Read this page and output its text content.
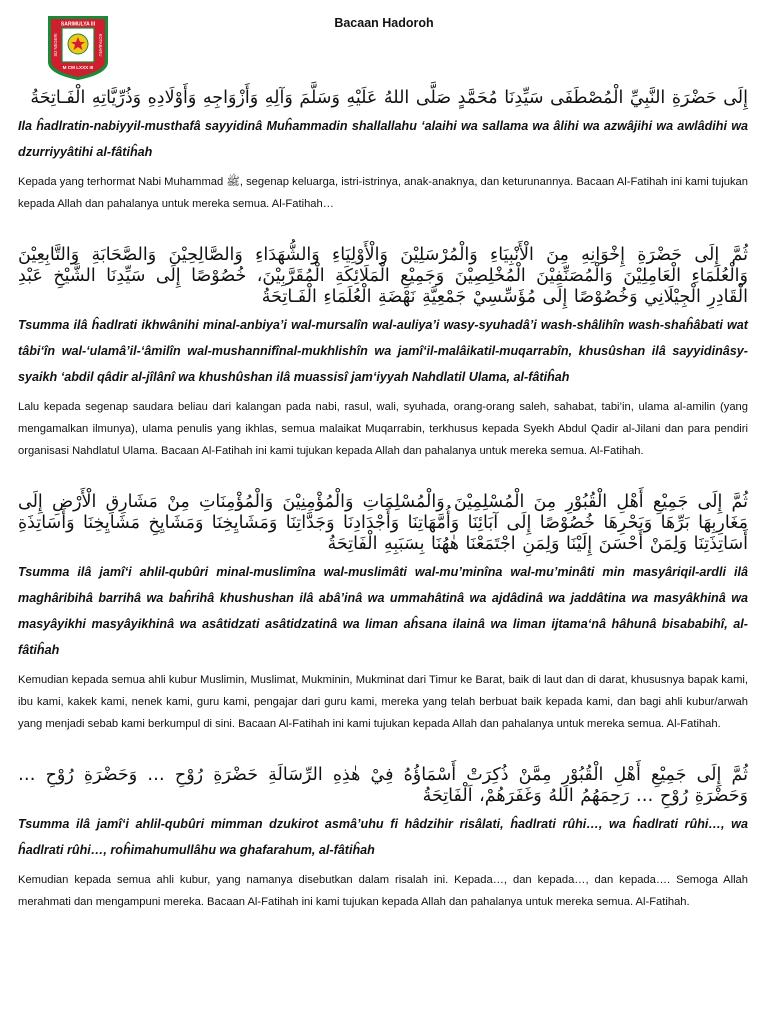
SARIMULYA III
SD NEGERI	KOTABARU
M CM LXXX III
Bacaan Hadoroh

إِلَى حَضْرَةِ النَّبِيِّ الْمُصْطَفَى سَيِّدِنَا مُحَمَّدٍ صَلَّى اللهُ عَلَيْهِ وَسَلَّمَ وَآلِهِ وَأَزْوَاجِهِ وَأَوْلَادِهِ وَذُرِّيَّاتِهِ الْفَـاتِحَةُ

Ila ĥadlratin-nabiyyil-musthafâ sayyidinâ Muĥammadin shallallahu ‘alaihi wa sallama wa âlihi wa azwâjihi wa awlâdihi wa dzurriyyâtihi al-fâtiĥah

Kepada yang terhormat Nabi Muhammad ﷺ, segenap keluarga, istri-istrinya, anak-anaknya, dan keturunannya. Bacaan Al-Fatihah ini kami tujukan kepada Allah dan pahalanya untuk mereka semua. Al-Fatihah…

ثُمَّ إِلَى حَضْرَةِ إِخْوَانِهِ مِنَ الْأَنْبِيَاءِ وَالْمُرْسَلِيْنَ وَالْأَوْلِيَاءِ وَالشُّهَدَاءِ وَالصَّالِحِيْنَ وَالصَّحَابَةِ وَالتَّابِعِيْنَ وَالْعُلَمَاءِ الْعَامِلِيْنَ وَالْمُصَنِّفِيْنَ الْمُخْلِصِيْنَ وَجَمِيْعِ الْمَلَائِكَةِ الْمُقَرَّبِيْنَ، خُصُوْصًا إِلَى سَيِّدِنَا الشَّيْخِ عَبْدِ الْقَادِرِ الْجِيْلَانِي وَخُصُوْصًا إِلَى مُؤَسِّسِيْ جَمْعِيَّةِ نَهْضَةِ الْعُلَمَاءِ الْفَـاتِحَةُ

Tsumma ilâ ĥadlrati ikhwânihi minal-anbiya’i wal-mursalîn wal-auliya’i wasy-syuhadâ’i wash-shâlihîn wash-shaĥâbati wat tâbi‘în wal-‘ulamâ’il-‘âmilîn wal-mushannifînal-mukhlishîn wa jamî‘il-malâikatil-muqarrabîn, khusûshan ilâ sayyidinâsy-syaikh ‘abdil qâdir al-jîlânî wa khushûshan ilâ muassisî jam‘iyyah Nahdlatil Ulama, al-fâtiĥah

Lalu kepada segenap saudara beliau dari kalangan pada nabi, rasul, wali, syuhada, orang-orang saleh, sahabat, tabi’in, ulama al-amilin (yang mengamalkan ilmunya), ulama penulis yang ikhlas, semua malaikat Muqarrabin, terkhusus kepada Syekh Abdul Qadir al-Jilani dan para pendiri organisasi Nahdlatul Ulama. Bacaan Al-Fatihah ini kami tujukan kepada Allah dan pahalanya untuk mereka semua. Al-Fatihah.

ثُمَّ إِلَى جَمِيْعِ أَهْلِ الْقُبُوْرِ مِنَ الْمُسْلِمِيْنَ وَالْمُسْلِمَاتِ وَالْمُؤْمِنِيْنَ وَالْمُؤْمِنَاتِ مِنْ مَشَارِقِ الْأَرْضِ إِلَى مَغَارِبِهَا بَرِّهَا وَبَحْرِهَا خُصُوْصًا إِلَى آبَائِنَا وَأُمَّهَاتِنَا وَأَجْدَادِنَا وَجَدَّاتِنَا وَمَشَايِخِنَا وَمَشَايِخِ مَشَايِخِنَا وَأَسَاتِذَةِ أَسَاتِذَتِنَا وَلِمَنْ أَحْسَنَ إِلَيْنَا وَلِمَنِ اجْتَمَعْنَا هٰهُنَا بِسَبَبِهِ الْفَاتِحَةُ

Tsumma ilâ jamî‘i ahlil-qubûri minal-muslimîna wal-muslimâti wal-mu’minîna wal-mu’minâti min masyâriqil-ardli ilâ maghâribihâ barrihâ wa baĥrihâ khushushan ilâ abâ’inâ wa ummahâtinâ wa ajdâdinâ wa jaddâtina wa masyâkhinâ wa masyâyikhi masyâyikhinâ wa asâtidzati asâtidzatinâ wa liman aĥsana ilainâ wa liman ijtama‘nâ hâhunâ bisababihî, al-fâtiĥah

Kemudian kepada semua ahli kubur Muslimin, Muslimat, Mukminin, Mukminat dari Timur ke Barat, baik di laut dan di darat, khususnya bapak kami, ibu kami, kakek kami, nenek kami, guru kami, pengajar dari guru kami, mereka yang telah berbuat baik kepada kami, dan bagi ahli kubur/arwah yang menjadi sebab kami berkumpul di sini. Bacaan Al-Fatihah ini kami tujukan kepada Allah dan pahalanya untuk mereka semua. Al-Fatihah.

ثُمَّ إِلَى جَمِيْعِ أَهْلِ الْقُبُوْرِ مِمَّنْ ذُكِرَتْ أَسْمَاؤُهُ فِيْ هٰذِهِ الرِّسَالَةِ حَضْرَةِ رُوْحِ … وَحَضْرَةِ رُوْحِ … وَحَضْرَةِ رُوْحِ … رَحِمَهُمُ اللهُ وَغَفَرَهُمْ، اَلْفَاتِحَةُ

Tsumma ilâ jamî‘i ahlil-qubûri mimman dzukirot asmâ’uhu fi hâdzihir risâlati, ĥadlrati rûhi…, wa ĥadlrati rûhi…, wa ĥadlrati rûhi…, roĥimahumullâhu wa ghafarahum, al-fâtiĥah

Kemudian kepada semua ahli kubur, yang namanya disebutkan dalam risalah ini. Kepada…, dan kepada…, dan kepada…. Semoga Allah merahmati dan mengampuni mereka. Bacaan Al-Fatihah ini kami tujukan kepada Allah dan pahalanya untuk mereka semua. Al-Fatihah.
